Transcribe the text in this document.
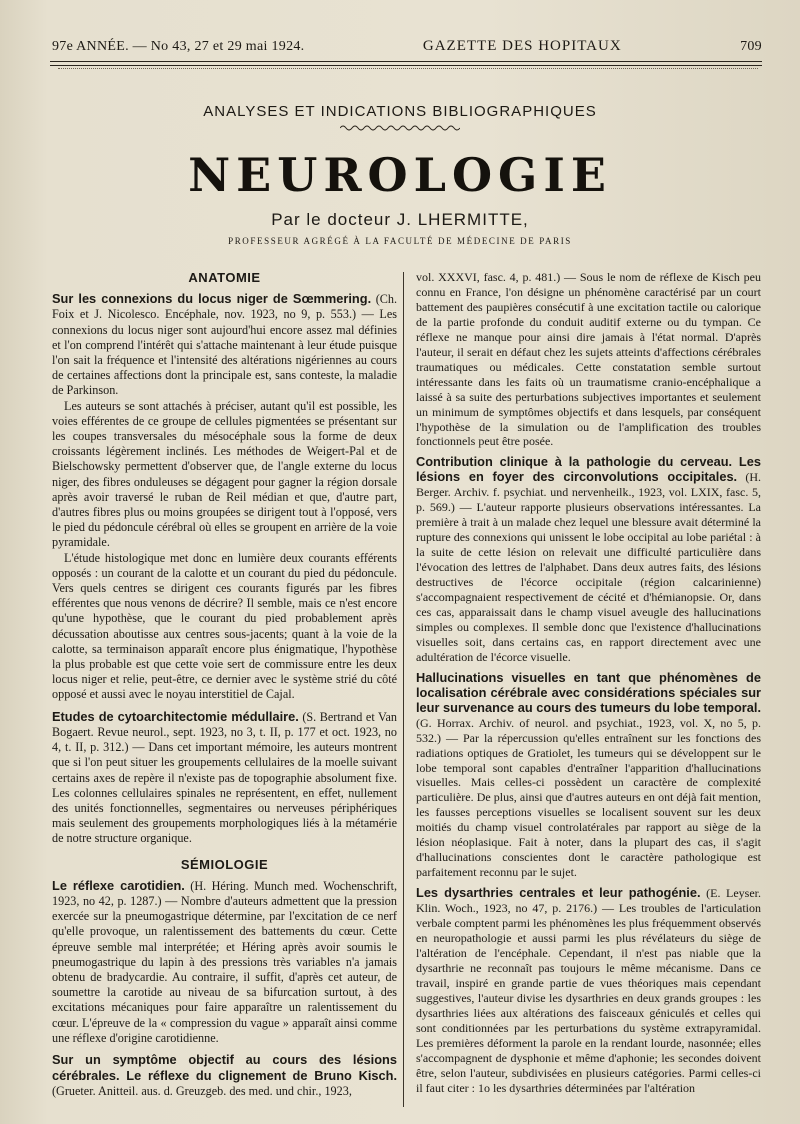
97e ANNÉE. — No 43, 27 et 29 mai 1924.	GAZETTE DES HOPITAUX	709
ANALYSES ET INDICATIONS BIBLIOGRAPHIQUES
NEUROLOGIE
Par le docteur J. LHERMITTE,
PROFESSEUR AGRÉGÉ À LA FACULTÉ DE MÉDECINE DE PARIS
ANATOMIE

Sur les connexions du locus niger de Sœmmering. (Ch. Foix et J. Nicolesco. Encéphale, nov. 1923, no 9, p. 553.) — Les connexions du locus niger sont aujourd'hui encore assez mal définies et l'on comprend l'intérêt qui s'attache maintenant à leur étude puisque l'on sait la fréquence et l'intensité des altérations nigériennes au cours de certaines affections dont la principale est, sans conteste, la maladie de Parkinson.

Les auteurs se sont attachés à préciser, autant qu'il est possible, les voies efférentes de ce groupe de cellules pigmentées se présentant sur les coupes transversales du mésocéphale sous la forme de deux croissants légèrement inclinés. Les méthodes de Weigert-Pal et de Bielschowsky permettent d'observer que, de l'angle externe du locus niger, des fibres onduleuses se dégagent pour gagner la région dorsale après avoir traversé le ruban de Reil médian et que, d'autre part, d'autres fibres plus ou moins groupées se dirigent tout à l'opposé, vers le pied du pédoncule cérébral où elles se groupent en arrière de la voie pyramidale.

L'étude histologique met donc en lumière deux courants efférents opposés : un courant de la calotte et un courant du pied du pédoncule. Vers quels centres se dirigent ces courants figurés par les fibres efférentes que nous venons de décrire? Il semble, mais ce n'est encore qu'une hypothèse, que le courant du pied probablement après décussation aboutisse aux centres sous-jacents; quant à la voie de la calotte, sa terminaison apparaît encore plus énigmatique, l'hypothèse la plus probable est que cette voie sert de commissure entre les deux locus niger et relie, peut-être, ce dernier avec le système strié du côté opposé et aussi avec le noyau interstitiel de Cajal.

Etudes de cytoarchitectomie médullaire. (S. Bertrand et Van Bogaert. Revue neurol., sept. 1923, no 3, t. II, p. 177 et oct. 1923, no 4, t. II, p. 312.) — Dans cet important mémoire, les auteurs montrent que si l'on peut situer les groupements cellulaires de la moelle suivant certains axes de repère il n'existe pas de topographie absolument fixe. Les colonnes cellulaires spinales ne représentent, en effet, nullement des unités fonctionnelles, segmentaires ou nerveuses périphériques mais seulement des groupements morphologiques liés à la métamérie de notre structure organique.

SÉMIOLOGIE

Le réflexe carotidien. (H. Héring. Munch med. Wochenschrift, 1923, no 42, p. 1287.) — Nombre d'auteurs admettent que la pression exercée sur la pneumogastrique détermine, par l'excitation de ce nerf qu'elle provoque, un ralentissement des battements du cœur. Cette épreuve semble mal interprétée; et Héring après avoir soumis le pneumogastrique du lapin à des pressions très variables n'a jamais obtenu de bradycardie. Au contraire, il suffit, d'après cet auteur, de soumettre la carotide au niveau de sa bifurcation surtout, à des excitations mécaniques pour faire apparaître un ralentissement du cœur. L'épreuve de la « compression du vague » apparaît ainsi comme une réflexe d'origine carotidienne.

Sur un symptôme objectif au cours des lésions cérébrales. Le réflexe du clignement de Bruno Kisch. (Grueter. Anitteil. aus. d. Greuzgeb. des med. und chir., 1923,

vol. XXXVI, fasc. 4, p. 481.) — Sous le nom de réflexe de Kisch peu connu en France, l'on désigne un phénomène caractérisé par un court battement des paupières consécutif à une excitation tactile ou calorique de la partie profonde du conduit auditif externe ou du tympan. Ce réflexe ne manque pour ainsi dire jamais à l'état normal. D'après l'auteur, il serait en défaut chez les sujets atteints d'affections cérébrales traumatiques ou médicales. Cette constatation semble surtout intéressante dans les faits où un traumatisme cranio-encéphalique a laissé à sa suite des perturbations subjectives importantes et seulement un minimum de symptômes objectifs et dans lesquels, par conséquent l'hypothèse de la simulation ou de l'amplification des troubles fonctionnels peut être posée.

Contribution clinique à la pathologie du cerveau. Les lésions en foyer des circonvolutions occipitales. (H. Berger. Archiv. f. psychiat. und nervenheilk., 1923, vol. LXIX, fasc. 5, p. 569.) — L'auteur rapporte plusieurs observations intéressantes. La première à trait à un malade chez lequel une blessure avait déterminé la rupture des connexions qui unissent le lobe occipital au lobe pariétal : à la suite de cette lésion on relevait une difficulté particulière dans l'évocation des lettres de l'alphabet. Dans deux autres faits, des lésions destructives de l'écorce occipitale (région calcarinienne) s'accompagnaient respectivement de cécité et d'hémianopsie. Or, dans ces cas, apparaissait dans le champ visuel aveugle des hallucinations simples ou complexes. Il semble donc que l'existence d'hallucinations visuelles soit, dans certains cas, en rapport directement avec une adultération de l'écorce visuelle.

Hallucinations visuelles en tant que phénomènes de localisation cérébrale avec considérations spéciales sur leur survenance au cours des tumeurs du lobe temporal. (G. Horrax. Archiv. of neurol. and psychiat., 1923, vol. X, no 5, p. 532.) — Par la répercussion qu'elles entraînent sur les fonctions des radiations optiques de Gratiolet, les tumeurs qui se développent sur le lobe temporal sont capables d'entraîner l'apparition d'hallucinations visuelles. Mais celles-ci possèdent un caractère de complexité particulière. De plus, ainsi que d'autres auteurs en ont déjà fait mention, les fausses perceptions visuelles se localisent souvent sur les deux moitiés du champ visuel controlatérales par rapport au siège de la lésion néoplasique. Fait à noter, dans la plupart des cas, il s'agit d'hallucinations conscientes dont le caractère pathologique est parfaitement reconnu par le sujet.

Les dysarthries centrales et leur pathogénie. (E. Leyser. Klin. Woch., 1923, no 47, p. 2176.) — Les troubles de l'articulation verbale comptent parmi les phénomènes les plus fréquemment observés en neuropathologie et aussi parmi les plus révélateurs du siège de l'altération de l'encéphale. Cependant, il n'est pas niable que la dysarthrie ne reconnaît pas toujours le même mécanisme. Dans ce travail, inspiré en grande partie de vues théoriques mais cependant suggestives, l'auteur divise les dysarthries en deux grands groupes : les dysarthries liées aux altérations des faisceaux géniculés et celles qui sont conditionnées par les perturbations du système extrapyramidal. Les premières déforment la parole en la rendant lourde, nasonnée; elles s'accompagnent de dysphonie et même d'aphonie; les secondes doivent être, selon l'auteur, subdivisées en plusieurs catégories. Parmi celles-ci il faut citer : 1o les dysarthries déterminées par l'altération
